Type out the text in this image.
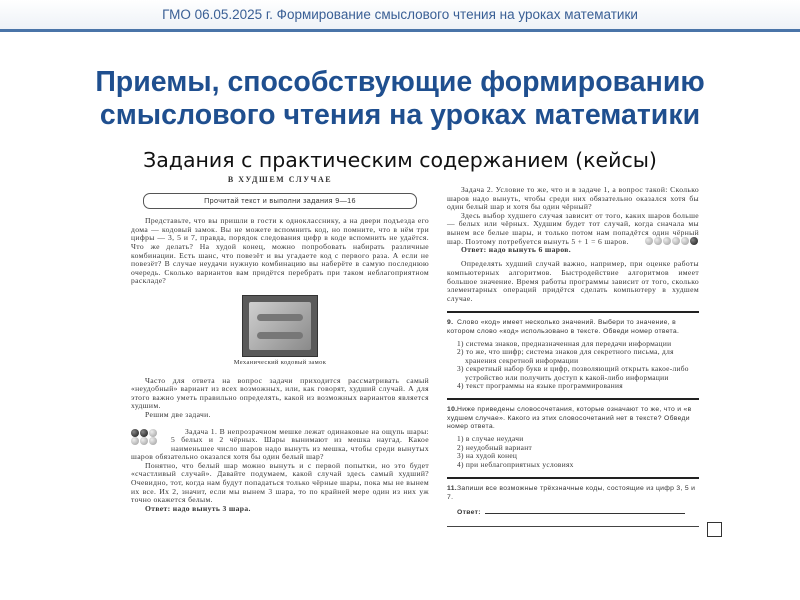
ГМО 06.05.2025 г. Формирование смыслового чтения на уроках математики
Приемы, способствующие формированию
смыслового чтения на уроках математики
Задания с практическим содержанием (кейсы)
В ХУДШЕМ СЛУЧАЕ
Прочитай текст и выполни задания 9—16

Представьте, что вы пришли в гости к однокласснику, а на двери подъезда его дома — кодовый замок. Вы не можете вспомнить код, но помните, что в нём три цифры — 3, 5 и 7, правда, порядок следования цифр в коде вспомнить не удаётся. Что же делать? На худой конец, можно попробовать набирать различные комбинации. Есть шанс, что повезёт и вы угадаете код с первого раза. А если не повезёт? В случае неудачи нужную комбинацию вы наберёте в самую последнюю очередь. Сколько вариантов вам придётся перебрать при таком неблагоприятном раскладе?

Механический кодовый замок

Часто для ответа на вопрос задачи приходится рассматривать самый «неудобный» вариант из всех возможных, или, как говорят, худший случай. А для этого важно уметь правильно определять, какой из возможных вариантов является худшим.

Решим две задачи.

Задача 1. В непрозрачном мешке лежат одинаковые на ощупь шары: 5 белых и 2 чёрных. Шары вынимают из мешка наугад. Какое наименьшее число шаров надо вынуть из мешка, чтобы среди вынутых шаров обязательно оказался хотя бы один белый шар?

Понятно, что белый шар можно вынуть и с первой попытки, но это будет «счастливый случай». Давайте подумаем, какой случай здесь самый худший? Очевидно, тот, когда нам будут попадаться только чёрные шары, пока мы не вынем их все. Их 2, значит, если мы вынем 3 шара, то по крайней мере один из них уж точно окажется белым.

Ответ: надо вынуть 3 шара.

Задача 2. Условие то же, что и в задаче 1, а вопрос такой: Сколько шаров надо вынуть, чтобы среди них обязательно оказался хотя бы один белый шар и хотя бы один чёрный?

Здесь выбор худшего случая зависит от того, каких шаров больше — белых или чёрных. Худшим будет тот случай, когда сначала мы вынем все белые шары, и только потом нам попадётся один чёрный шар. Поэтому потребуется вынуть 5 + 1 = 6 шаров.

Ответ: надо вынуть 6 шаров.

Определять худший случай важно, например, при оценке работы компьютерных алгоритмов. Быстродействие алгоритмов имеет большое значение. Время работы программы зависит от того, сколько элементарных операций придётся сделать компьютеру в худшем случае.

9. Слово «код» имеет несколько значений. Выбери то значение, в котором слово «код» использовано в тексте. Обведи номер ответа.
1) система знаков, предназначенная для передачи информации
2) то же, что шифр; система знаков для секретного письма, для хранения секретной информации
3) секретный набор букв и цифр, позволяющий открыть какое-либо устройство или получить доступ к какой-либо информации
4) текст программы на языке программирования
10.Ниже приведены словосочетания, которые означают то же, что и «в худшем случае». Какого из этих словосочетаний нет в тексте? Обведи номер ответа.
1) в случае неудачи
2) неудобный вариант
3) на худой конец
4) при неблагоприятных условиях
11.Запиши все возможные трёхзначные коды, состоящие из цифр 3, 5 и 7.
Ответ:
